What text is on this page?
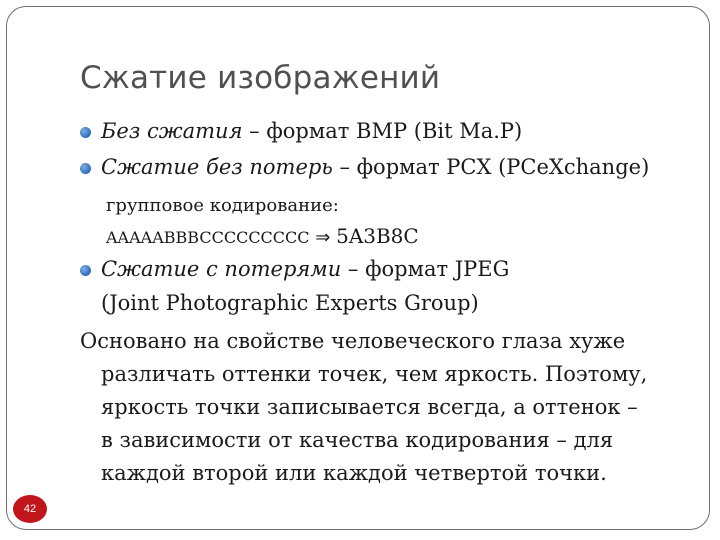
Сжатие изображений
Без сжатия – формат BMP (Bit Ma.P)
Сжатие без потерь – формат PCX (PCeXchange)
групповое кодирование:
AAAAABBBCCCCCCCCC ⇒ 5A3B8C
Сжатие с потерями – формат JPEG
(Joint Photographic Experts Group)
Основано на свойстве человеческого глаза хуже
различать оттенки точек, чем яркость. Поэтому,
яркость точки записывается всегда, а оттенок –
в зависимости от качества кодирования – для
каждой второй или каждой четвертой точки.
42
